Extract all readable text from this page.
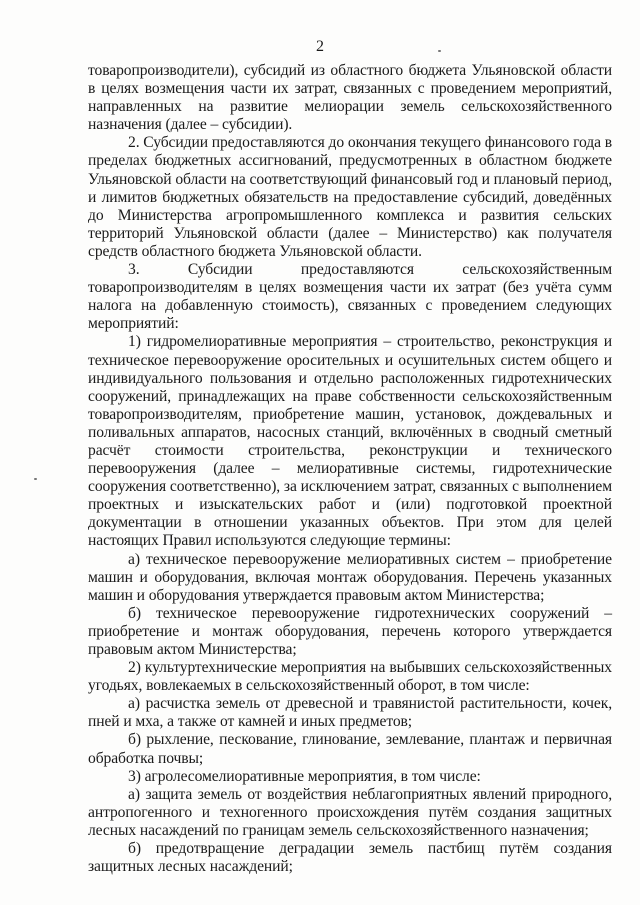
2

товаропроизводители), субсидий из областного бюджета Ульяновской области в целях возмещения части их затрат, связанных с проведением мероприятий, направленных на развитие мелиорации земель сельскохозяйственного назначения (далее – субсидии).

2. Субсидии предоставляются до окончания текущего финансового года в пределах бюджетных ассигнований, предусмотренных в областном бюджете Ульяновской области на соответствующий финансовый год и плановый период, и лимитов бюджетных обязательств на предоставление субсидий, доведённых до Министерства агропромышленного комплекса и развития сельских территорий Ульяновской области (далее – Министерство) как получателя средств областного бюджета Ульяновской области.

3. Субсидии предоставляются сельскохозяйственным товаропроизводителям в целях возмещения части их затрат (без учёта сумм налога на добавленную стоимость), связанных с проведением следующих мероприятий:

1) гидромелиоративные мероприятия – строительство, реконструкция и техническое перевооружение оросительных и осушительных систем общего и индивидуального пользования и отдельно расположенных гидротехнических сооружений, принадлежащих на праве собственности сельскохозяйственным товаропроизводителям, приобретение машин, установок, дождевальных и поливальных аппаратов, насосных станций, включённых в сводный сметный расчёт стоимости строительства, реконструкции и технического перевооружения (далее – мелиоративные системы, гидротехнические сооружения соответственно), за исключением затрат, связанных с выполнением проектных и изыскательских работ и (или) подготовкой проектной документации в отношении указанных объектов. При этом для целей настоящих Правил используются следующие термины:

а) техническое перевооружение мелиоративных систем – приобретение машин и оборудования, включая монтаж оборудования. Перечень указанных машин и оборудования утверждается правовым актом Министерства;

б) техническое перевооружение гидротехнических сооружений – приобретение и монтаж оборудования, перечень которого утверждается правовым актом Министерства;

2) культуртехнические мероприятия на выбывших сельскохозяйственных угодьях, вовлекаемых в сельскохозяйственный оборот, в том числе:

а) расчистка земель от древесной и травянистой растительности, кочек, пней и мха, а также от камней и иных предметов;

б) рыхление, пескование, глинование, землевание, плантаж и первичная обработка почвы;

3) агролесомелиоративные мероприятия, в том числе:

а) защита земель от воздействия неблагоприятных явлений природного, антропогенного и техногенного происхождения путём создания защитных лесных насаждений по границам земель сельскохозяйственного назначения;

б) предотвращение деградации земель пастбищ путём создания защитных лесных насаждений;
